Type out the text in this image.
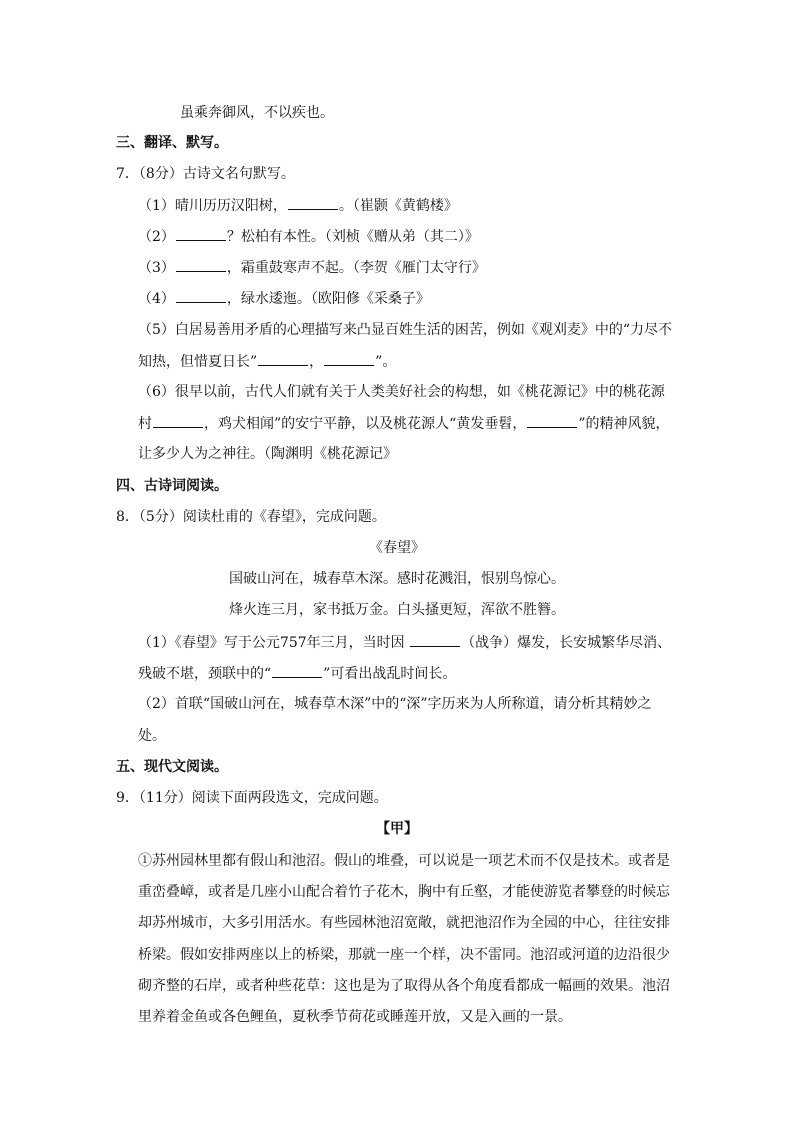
虽乘奔御风，不以疾也。
三、翻译、默写。
7．（8分）古诗文名句默写。
（1）晴川历历汉阳树，	。（崔颢《黄鹤楼》
（2）	？松柏有本性。（刘桢《赠从弟（其二）》
（3）	，霜重鼓寒声不起。（李贺《雁门太守行》
（4）	，绿水逶迤。（欧阳修《采桑子》
（5）白居易善用矛盾的心理描写来凸显百姓生活的困苦，例如《观刈麦》中的“力尽不
知热，但惜夏日长”	，	”。
（6）很早以前，古代人们就有关于人类美好社会的构想，如《桃花源记》中的桃花源
村	，鸡犬相闻”的安宁平静，以及桃花源人“黄发垂髫，	”的精神风貌，
让多少人为之神往。（陶渊明《桃花源记》
四、古诗词阅读。
8．（5分）阅读杜甫的《春望》，完成问题。
《春望》
国破山河在，城春草木深。感时花溅泪，恨别鸟惊心。
烽火连三月，家书抵万金。白头搔更短，浑欲不胜簪。
（1）《春望》写于公元757年三月，当时因	（战争）爆发，长安城繁华尽消、
残破不堪，颈联中的“	”可看出战乱时间长。
（2）首联“国破山河在，城春草木深”中的“深”字历来为人所称道，请分析其精妙之
处。
五、现代文阅读。
9．（11分）阅读下面两段选文，完成问题。
【甲】
①苏州园林里都有假山和池沼。假山的堆叠，可以说是一项艺术而不仅是技术。或者是
重峦叠嶂，或者是几座小山配合着竹子花木，胸中有丘壑，才能使游览者攀登的时候忘
却苏州城市，大多引用活水。有些园林池沼宽敞，就把池沼作为全园的中心，往往安排
桥梁。假如安排两座以上的桥梁，那就一座一个样，决不雷同。池沼或河道的边沿很少
砌齐整的石岸，或者种些花草：这也是为了取得从各个角度看都成一幅画的效果。池沼
里养着金鱼或各色鲤鱼，夏秋季节荷花或睡莲开放，又是入画的一景。
